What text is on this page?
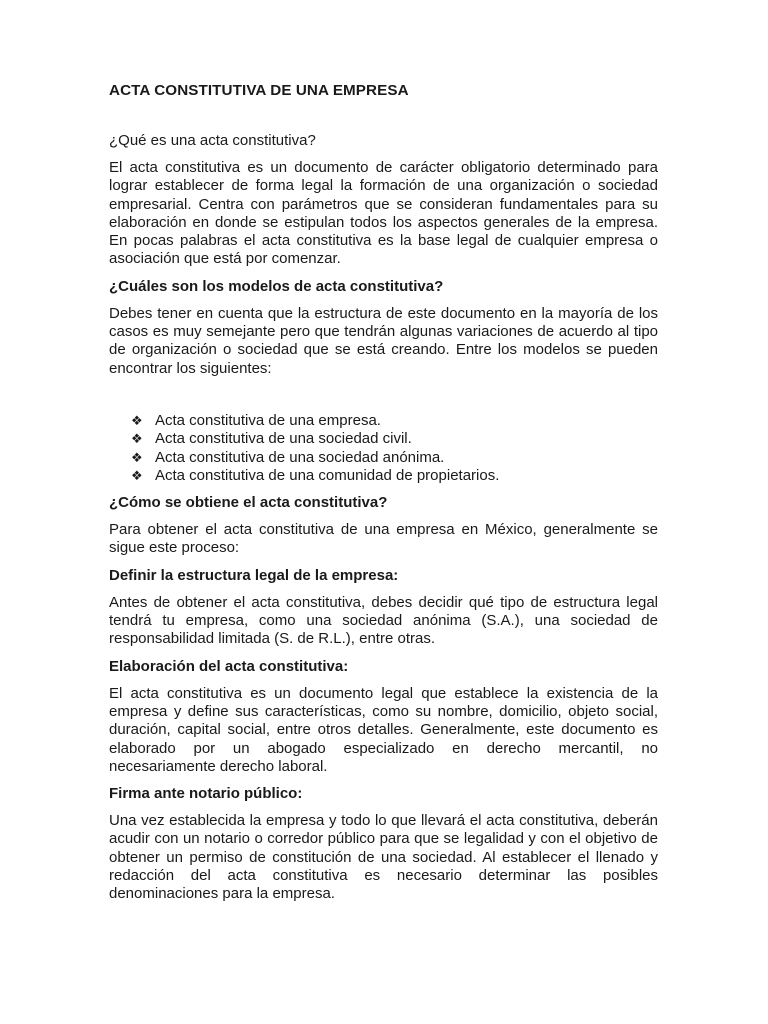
ACTA CONSTITUTIVA DE UNA EMPRESA

¿Qué es una acta constitutiva?

El acta constitutiva es un documento de carácter obligatorio determinado para lograr establecer de forma legal la formación de una organización o sociedad empresarial. Centra con parámetros que se consideran fundamentales para su elaboración en donde se estipulan todos los aspectos generales de la empresa. En pocas palabras el acta constitutiva es la base legal de cualquier empresa o asociación que está por comenzar.

¿Cuáles son los modelos de acta constitutiva?

Debes tener en cuenta que la estructura de este documento en la mayoría de los casos es muy semejante pero que tendrán algunas variaciones de acuerdo al tipo de organización o sociedad que se está creando. Entre los modelos se pueden encontrar los siguientes:

❖ Acta constitutiva de una empresa.
❖ Acta constitutiva de una sociedad civil.
❖ Acta constitutiva de una sociedad anónima.
❖ Acta constitutiva de una comunidad de propietarios.

¿Cómo se obtiene el acta constitutiva?

Para obtener el acta constitutiva de una empresa en México, generalmente se sigue este proceso:

Definir la estructura legal de la empresa:

Antes de obtener el acta constitutiva, debes decidir qué tipo de estructura legal tendrá tu empresa, como una sociedad anónima (S.A.), una sociedad de responsabilidad limitada (S. de R.L.), entre otras.

Elaboración del acta constitutiva:

El acta constitutiva es un documento legal que establece la existencia de la empresa y define sus características, como su nombre, domicilio, objeto social, duración, capital social, entre otros detalles. Generalmente, este documento es elaborado por un abogado especializado en derecho mercantil, no necesariamente derecho laboral.

Firma ante notario público:

Una vez establecida la empresa y todo lo que llevará el acta constitutiva, deberán acudir con un notario o corredor público para que se legalidad y con el objetivo de obtener un permiso de constitución de una sociedad. Al establecer el llenado y redacción del acta constitutiva es necesario determinar las posibles denominaciones para la empresa.
